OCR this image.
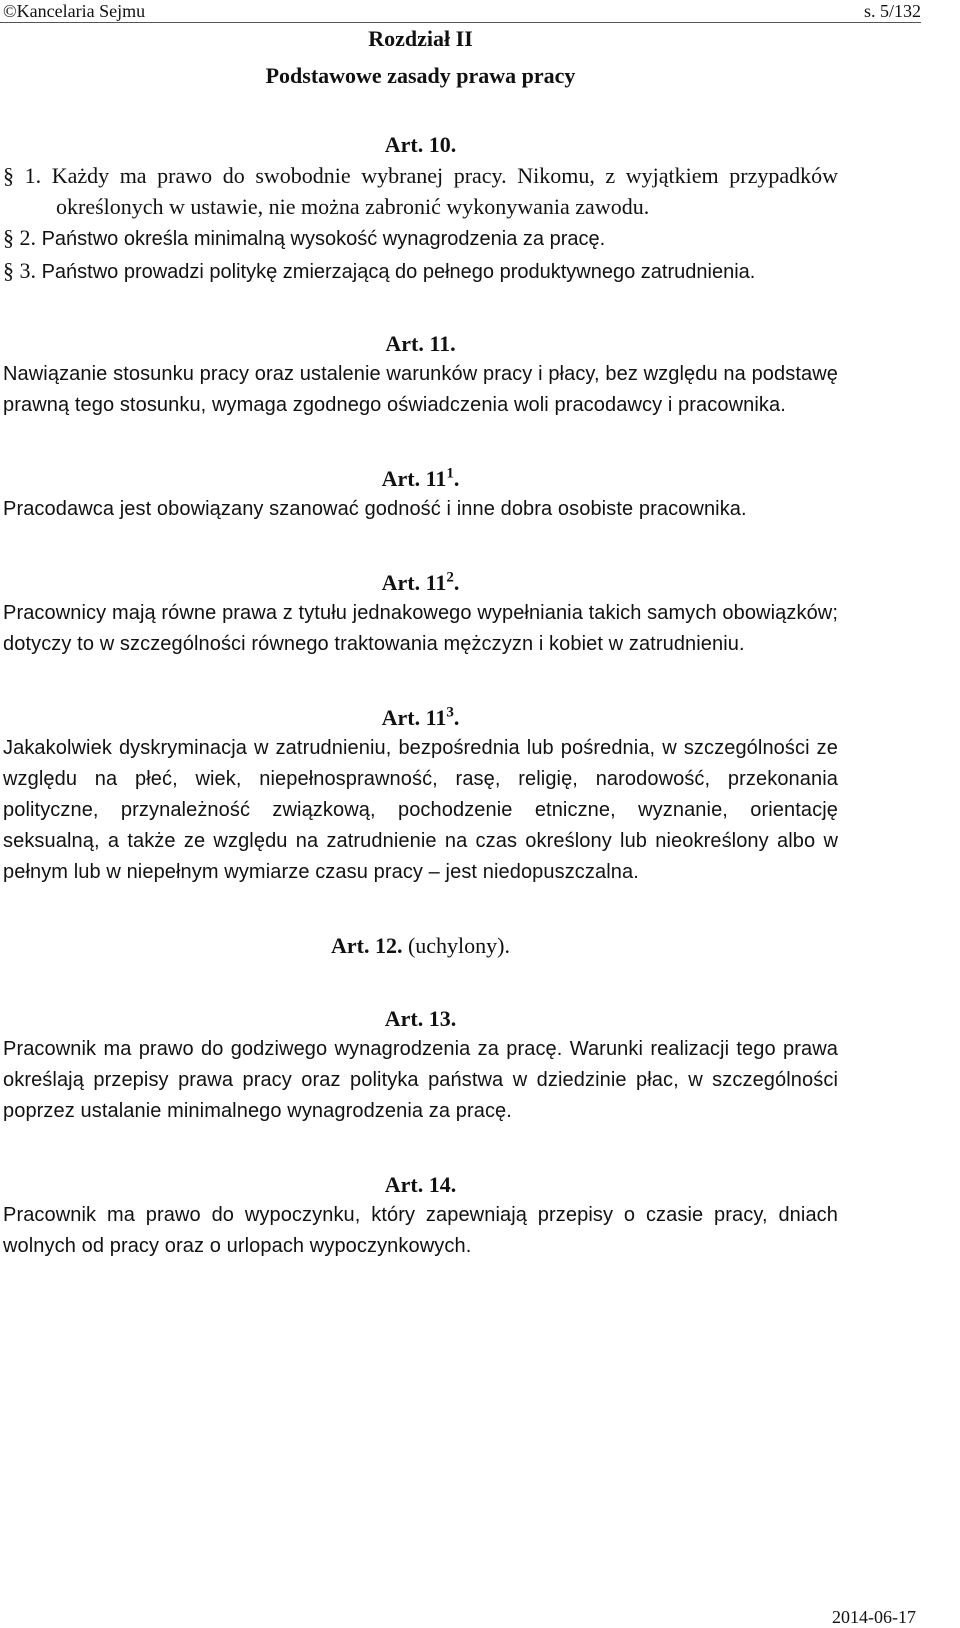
©Kancelaria Sejmu	s. 5/132
Rozdział II
Podstawowe zasady prawa pracy
Art. 10.
§ 1. Każdy ma prawo do swobodnie wybranej pracy. Nikomu, z wyjątkiem przypadków określonych w ustawie, nie można zabronić wykonywania zawodu.
§ 2. Państwo określa minimalną wysokość wynagrodzenia za pracę.
§ 3. Państwo prowadzi politykę zmierzającą do pełnego produktywnego zatrudnienia.
Art. 11.
Nawiązanie stosunku pracy oraz ustalenie warunków pracy i płacy, bez względu na podstawę prawną tego stosunku, wymaga zgodnego oświadczenia woli pracodawcy i pracownika.
Art. $11^1$.
Pracodawca jest obowiązany szanować godność i inne dobra osobiste pracownika.
Art. $11^2$.
Pracownicy mają równe prawa z tytułu jednakowego wypełniania takich samych obowiązków; dotyczy to w szczególności równego traktowania mężczyzn i kobiet w zatrudnieniu.
Art. $11^3$.
Jakakolwiek dyskryminacja w zatrudnieniu, bezpośrednia lub pośrednia, w szczególności ze względu na płeć, wiek, niepełnosprawność, rasę, religię, narodowość, przekonania polityczne, przynależność związkową, pochodzenie etniczne, wyznanie, orientację seksualną, a także ze względu na zatrudnienie na czas określony lub nieokreślony albo w pełnym lub w niepełnym wymiarze czasu pracy – jest niedopuszczalna.
Art. 12. (uchylony).
Art. 13.
Pracownik ma prawo do godziwego wynagrodzenia za pracę. Warunki realizacji tego prawa określają przepisy prawa pracy oraz polityka państwa w dziedzinie płac, w szczególności poprzez ustalanie minimalnego wynagrodzenia za pracę.
Art. 14.
Pracownik ma prawo do wypoczynku, który zapewniają przepisy o czasie pracy, dniach wolnych od pracy oraz o urlopach wypoczynkowych.
2014-06-17
